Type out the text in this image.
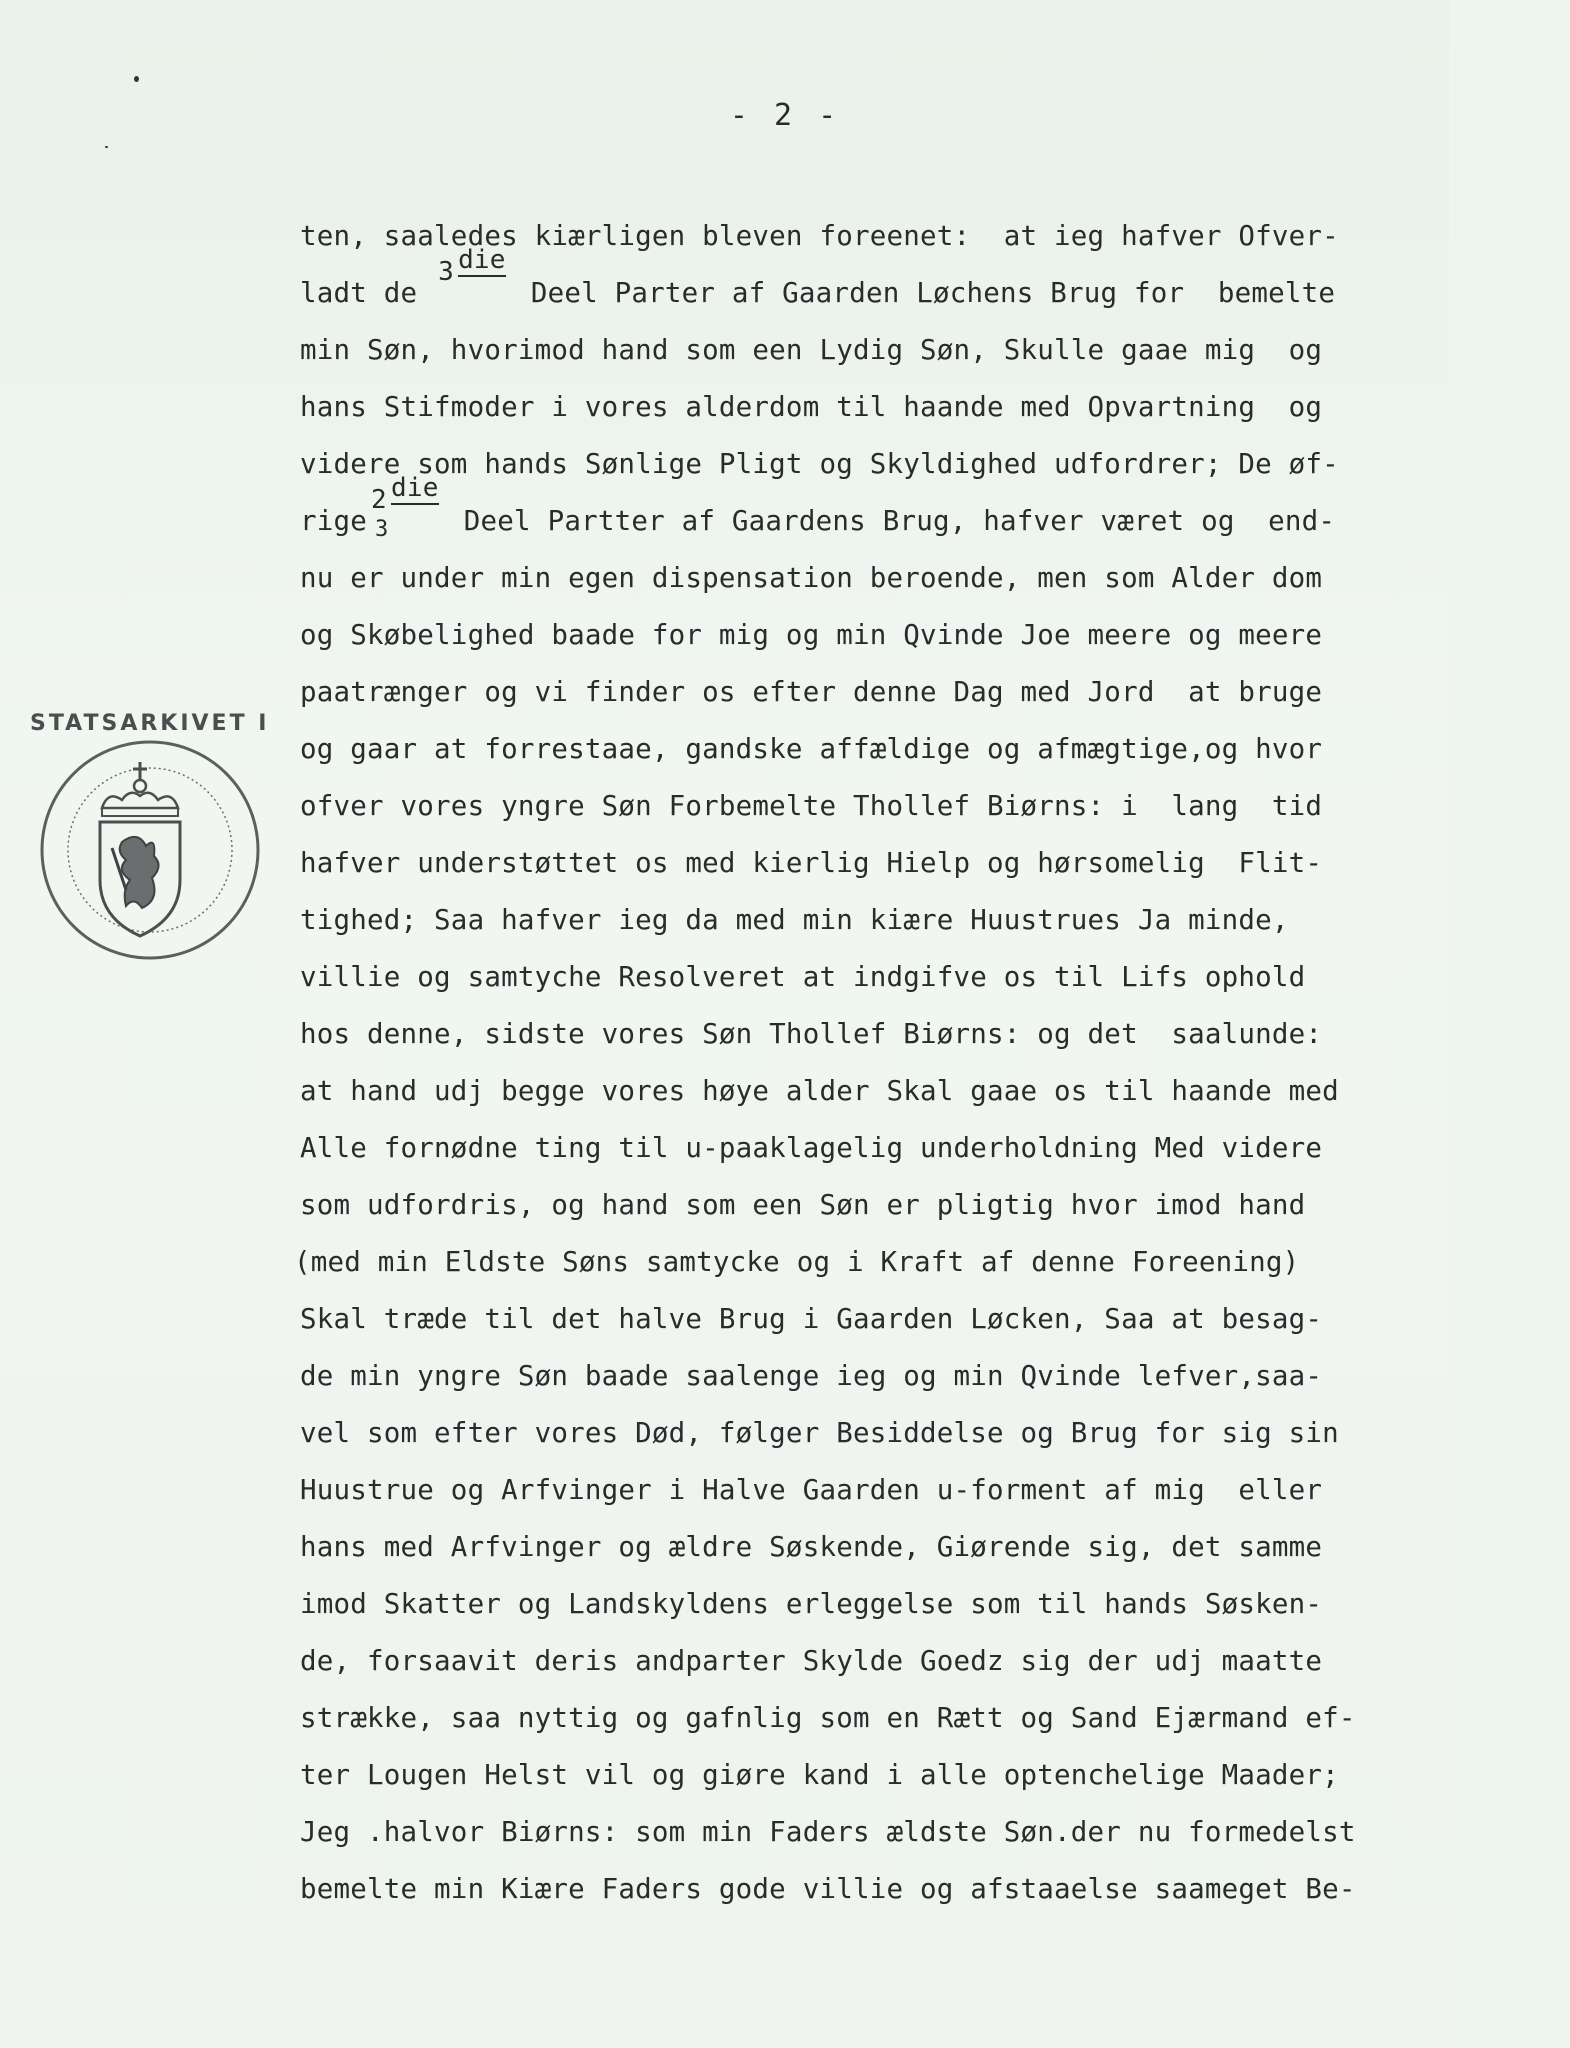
- 2 -
STATSARKIVET I
ten, saaledes kiærligen bleven foreenet:  at ieg hafver Ofver-
ladt de
3 die
Deel Parter af Gaarden Løchens Brug for  bemelte
min Søn, hvorimod hand som een Lydig Søn, Skulle gaae mig  og
hans Stifmoder i vores alderdom til haande med Opvartning  og
videre som hands Sønlige Pligt og Skyldighed udfordrer; De øf-
rige
2 die
3 Deel Partter af Gaardens Brug, hafver været og  end-
nu er under min egen dispensation beroende, men som Alder dom
og Skøbelighed baade for mig og min Qvinde Joe meere og meere
paatrænger og vi finder os efter denne Dag med Jord  at bruge
og gaar at forrestaae, gandske affældige og afmægtige,og hvor
ofver vores yngre Søn Forbemelte Thollef Biørns: i  lang  tid
hafver understøttet os med kierlig Hielp og hørsomelig  Flit-
tighed; Saa hafver ieg da med min kiære Huustrues Ja minde,
villie og samtyche Resolveret at indgifve os til Lifs ophold
hos denne, sidste vores Søn Thollef Biørns: og det  saalunde:
at hand udj begge vores høye alder Skal gaae os til haande med
Alle fornødne ting til u-paaklagelig underholdning Med videre
som udfordris, og hand som een Søn er pligtig hvor imod hand
(med min Eldste Søns samtycke og i Kraft af denne Foreening)
Skal træde til det halve Brug i Gaarden Løcken, Saa at besag-
de min yngre Søn baade saalenge ieg og min Qvinde lefver,saa-
vel som efter vores Død, følger Besiddelse og Brug for sig sin
Huustrue og Arfvinger i Halve Gaarden u-forment af mig  eller
hans med Arfvinger og ældre Søskende, Giørende sig, det samme
imod Skatter og Landskyldens erleggelse som til hands Søsken-
de, forsaavit deris andparter Skylde Goedz sig der udj maatte
strække, saa nyttig og gafnlig som en Rætt og Sand Ejærmand ef-
ter Lougen Helst vil og giøre kand i alle optenchelige Maader;
Jeg .halvor Biørns: som min Faders ældste Søn.der nu formedelst
bemelte min Kiære Faders gode villie og afstaaelse saameget Be-
